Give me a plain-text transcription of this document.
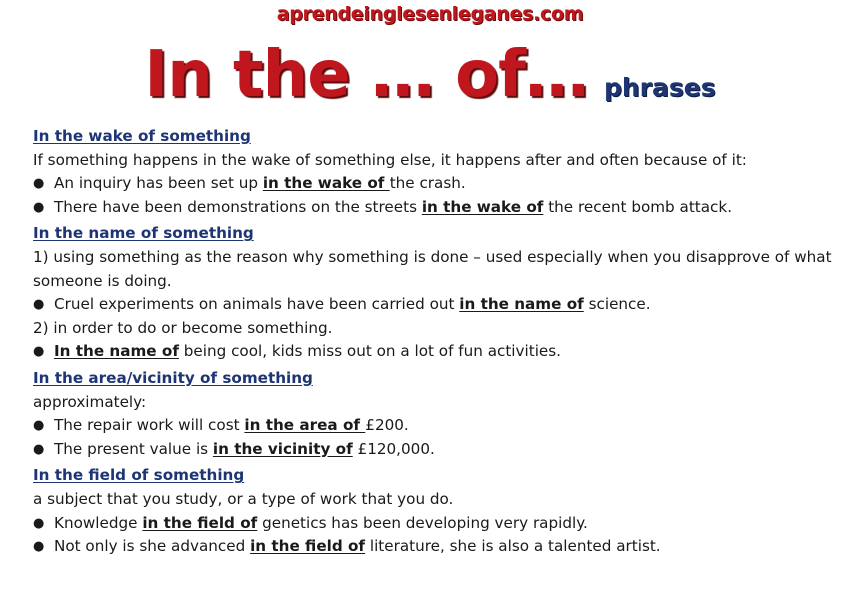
aprendeinglesenleganes.com
In the … of… phrases
In the wake of something
If something happens in the wake of something else, it happens after and often because of it:
● An inquiry has been set up in the wake of the crash.
● There have been demonstrations on the streets in the wake of the recent bomb attack.
In the name of something
1) using something as the reason why something is done – used especially when you disapprove of what someone is doing.
● Cruel experiments on animals have been carried out in the name of science.
2) in order to do or become something.
● In the name of being cool, kids miss out on a lot of fun activities.
In the area/vicinity of something
approximately:
● The repair work will cost in the area of £200.
● The present value is in the vicinity of £120,000.
In the field of something
a subject that you study, or a type of work that you do.
● Knowledge in the field of genetics has been developing very rapidly.
● Not only is she advanced in the field of literature, she is also a talented artist.
